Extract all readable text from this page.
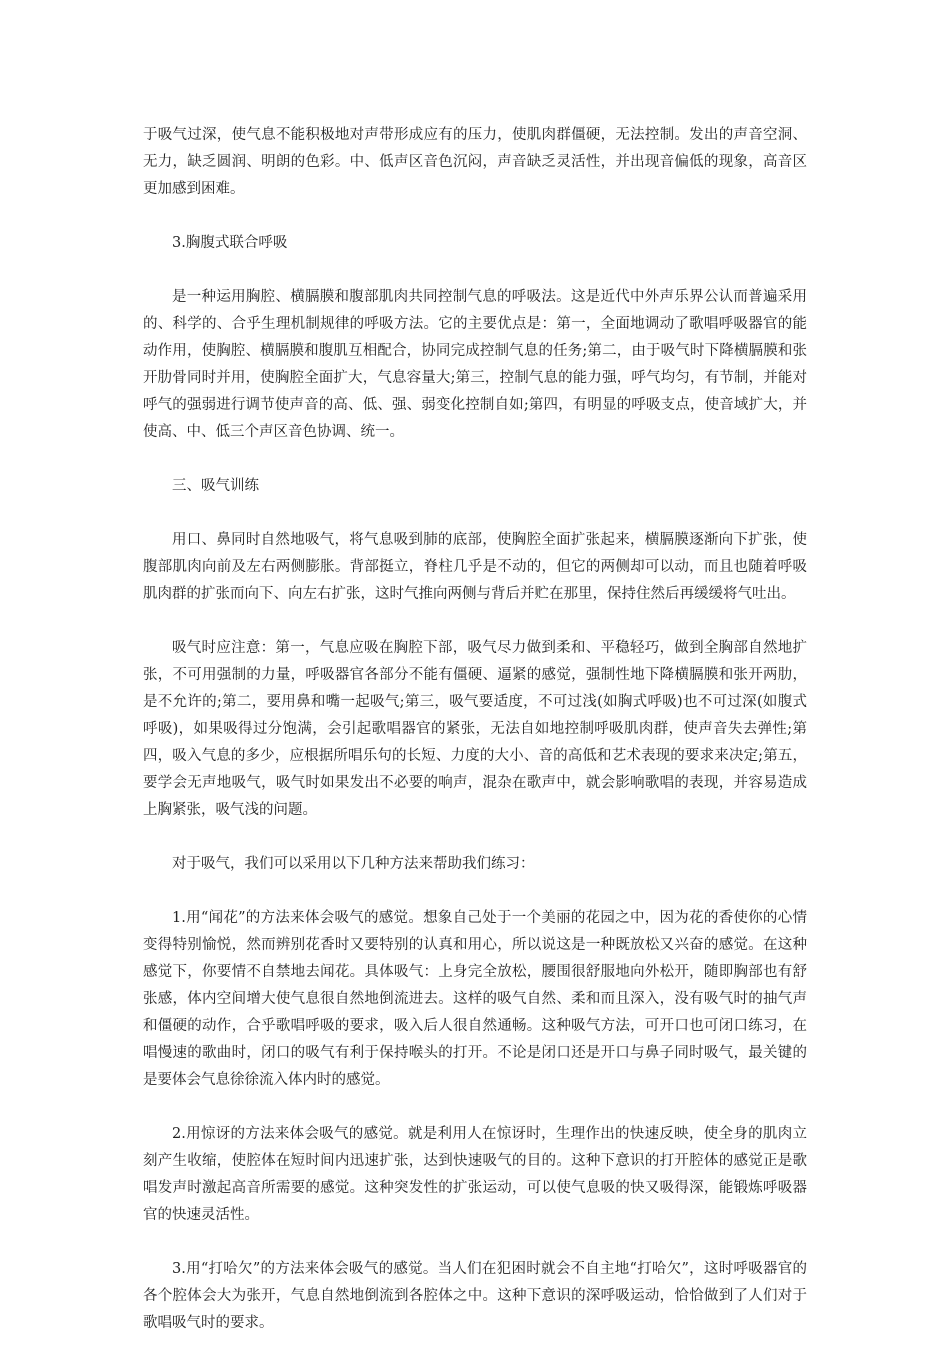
于吸气过深，使气息不能积极地对声带形成应有的压力，使肌肉群僵硬，无法控制。发出的声音空洞、无力，缺乏圆润、明朗的色彩。中、低声区音色沉闷，声音缺乏灵活性，并出现音偏低的现象，高音区更加感到困难。

3.胸腹式联合呼吸

是一种运用胸腔、横膈膜和腹部肌肉共同控制气息的呼吸法。这是近代中外声乐界公认而普遍采用的、科学的、合乎生理机制规律的呼吸方法。它的主要优点是：第一，全面地调动了歌唱呼吸器官的能动作用，使胸腔、横膈膜和腹肌互相配合，协同完成控制气息的任务;第二，由于吸气时下降横膈膜和张开肋骨同时并用，使胸腔全面扩大，气息容量大;第三，控制气息的能力强，呼气均匀，有节制，并能对呼气的强弱进行调节使声音的高、低、强、弱变化控制自如;第四，有明显的呼吸支点，使音域扩大，并使高、中、低三个声区音色协调、统一。

三、吸气训练

用口、鼻同时自然地吸气，将气息吸到肺的底部，使胸腔全面扩张起来，横膈膜逐渐向下扩张，使腹部肌肉向前及左右两侧膨胀。背部挺立，脊柱几乎是不动的，但它的两侧却可以动，而且也随着呼吸肌肉群的扩张而向下、向左右扩张，这时气推向两侧与背后并贮在那里，保持住然后再缓缓将气吐出。

吸气时应注意：第一，气息应吸在胸腔下部，吸气尽力做到柔和、平稳轻巧，做到全胸部自然地扩张，不可用强制的力量，呼吸器官各部分不能有僵硬、逼紧的感觉，强制性地下降横膈膜和张开两肋，是不允许的;第二，要用鼻和嘴一起吸气;第三，吸气要适度，不可过浅(如胸式呼吸)也不可过深(如腹式呼吸)，如果吸得过分饱满，会引起歌唱器官的紧张，无法自如地控制呼吸肌肉群，使声音失去弹性;第四，吸入气息的多少，应根据所唱乐句的长短、力度的大小、音的高低和艺术表现的要求来决定;第五，要学会无声地吸气，吸气时如果发出不必要的响声，混杂在歌声中，就会影响歌唱的表现，并容易造成上胸紧张，吸气浅的问题。

对于吸气，我们可以采用以下几种方法来帮助我们练习：

1.用“闻花”的方法来体会吸气的感觉。想象自己处于一个美丽的花园之中，因为花的香使你的心情变得特别愉悦，然而辨别花香时又要特别的认真和用心，所以说这是一种既放松又兴奋的感觉。在这种感觉下，你要情不自禁地去闻花。具体吸气：上身完全放松，腰围很舒服地向外松开，随即胸部也有舒张感，体内空间增大使气息很自然地倒流进去。这样的吸气自然、柔和而且深入，没有吸气时的抽气声和僵硬的动作，合乎歌唱呼吸的要求，吸入后人很自然通畅。这种吸气方法，可开口也可闭口练习，在唱慢速的歌曲时，闭口的吸气有利于保持喉头的打开。不论是闭口还是开口与鼻子同时吸气，最关键的是要体会气息徐徐流入体内时的感觉。

2.用惊讶的方法来体会吸气的感觉。就是利用人在惊讶时，生理作出的快速反映，使全身的肌肉立刻产生收缩，使腔体在短时间内迅速扩张，达到快速吸气的目的。这种下意识的打开腔体的感觉正是歌唱发声时激起高音所需要的感觉。这种突发性的扩张运动，可以使气息吸的快又吸得深，能锻炼呼吸器官的快速灵活性。

3.用“打哈欠”的方法来体会吸气的感觉。当人们在犯困时就会不自主地“打哈欠”，这时呼吸器官的各个腔体会大为张开，气息自然地倒流到各腔体之中。这种下意识的深呼吸运动，恰恰做到了人们对于歌唱吸气时的要求。
